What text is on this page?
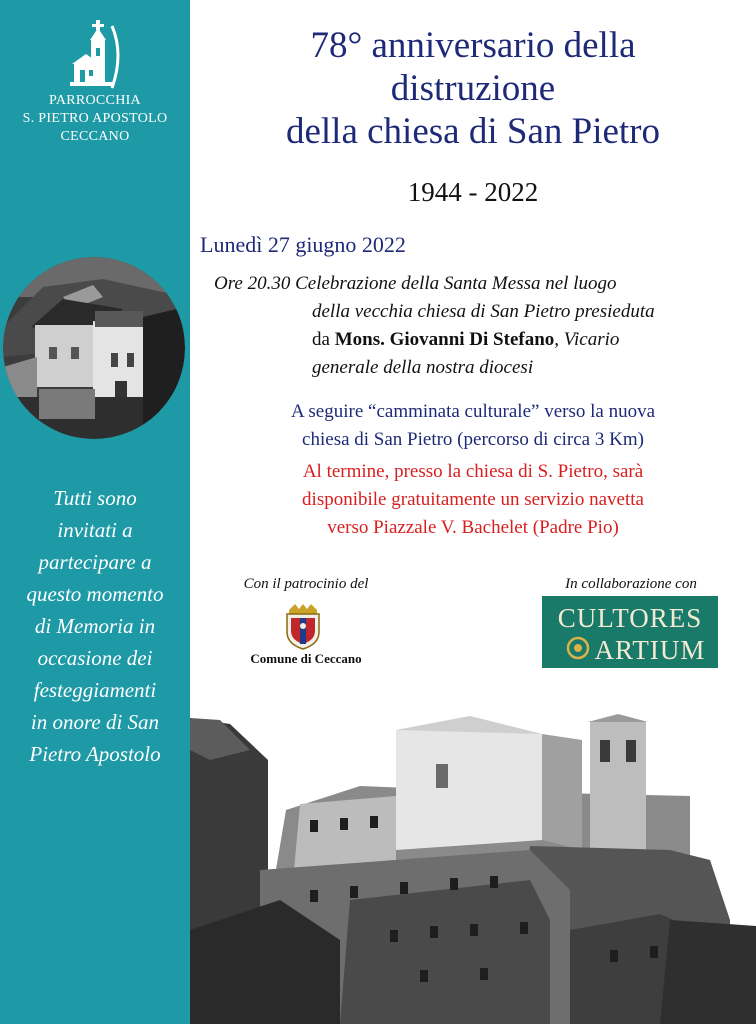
PARROCCHIA
S. PIETRO APOSTOLO
CECCANO
Tutti sono
invitati a
partecipare a
questo momento
di Memoria in
occasione dei
festeggiamenti
in onore di San
Pietro Apostolo
78° anniversario della
distruzione
della chiesa di San Pietro
1944 - 2022
Lunedì 27 giugno 2022
Ore 20.30 Celebrazione della Santa Messa nel luogo
della vecchia chiesa di San Pietro presieduta
da Mons. Giovanni Di Stefano, Vicario
generale della nostra diocesi
A seguire “camminata culturale” verso la nuova
chiesa di San Pietro (percorso di circa 3 Km)
Al termine, presso la chiesa di S. Pietro, sarà
disponibile gratuitamente un servizio navetta
verso Piazzale V. Bachelet (Padre Pio)
Con il patrocinio del
Comune di Ceccano
In collaborazione con
CULTORES
ARTIUM
